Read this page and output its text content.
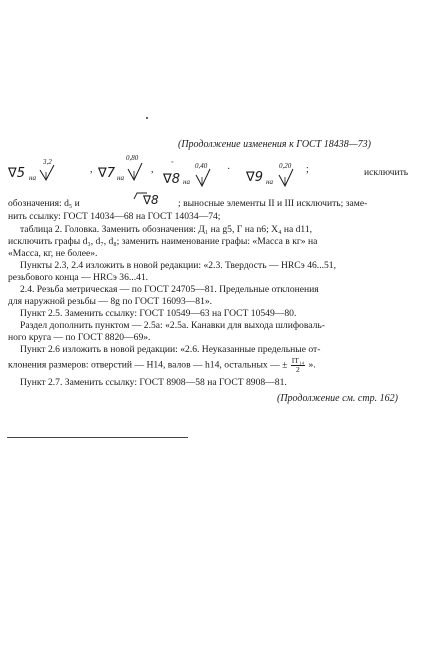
(Продолжение изменения к ГОСТ 18438—73)
∇5 на
3,2
, ∇7 на
0,80
,
◦
∇8 на
0,40 ·
∇9 на
0,20 ;	исключить
обозначения: d₅ и	∇8 ; выносные элементы II и III исключить; заме-
нить ссылку: ГОСТ 14034—68 на ГОСТ 14034—74;
таблица 2. Головка. Заменить обозначения: Д₁ на g5, Г на n6; X₄ на d11,
исключить графы d₃, d₇, d₈; заменить наименование графы: «Масса в кг» на
«Масса, кг, не более».
Пункты 2.3, 2.4 изложить в новой редакции: «2.3. Твердость — HRCэ 46...51,
резьбового конца — HRCэ 36...41.
2.4. Резьба метрическая — по ГОСТ 24705—81. Предельные отклонения
для наружной резьбы — 8g по ГОСТ 16093—81».
Пункт 2.5. Заменить ссылку: ГОСТ 10549—63 на ГОСТ 10549—80.
Раздел дополнить пунктом — 2.5а: «2.5а. Канавки для выхода шлифоваль-
ного круга — по ГОСТ 8820—69».
Пункт 2.6 изложить в новой редакции: «2.6. Неуказанные предельные от-
клонения размеров: отверстий — H14, валов — h14, остальных — ± $\frac{\text{IT₁₄}}{2}$ ».
Пункт 2.7. Заменить ссылку: ГОСТ 8908—58 на ГОСТ 8908—81.
(Продолжение см. стр. 162)
